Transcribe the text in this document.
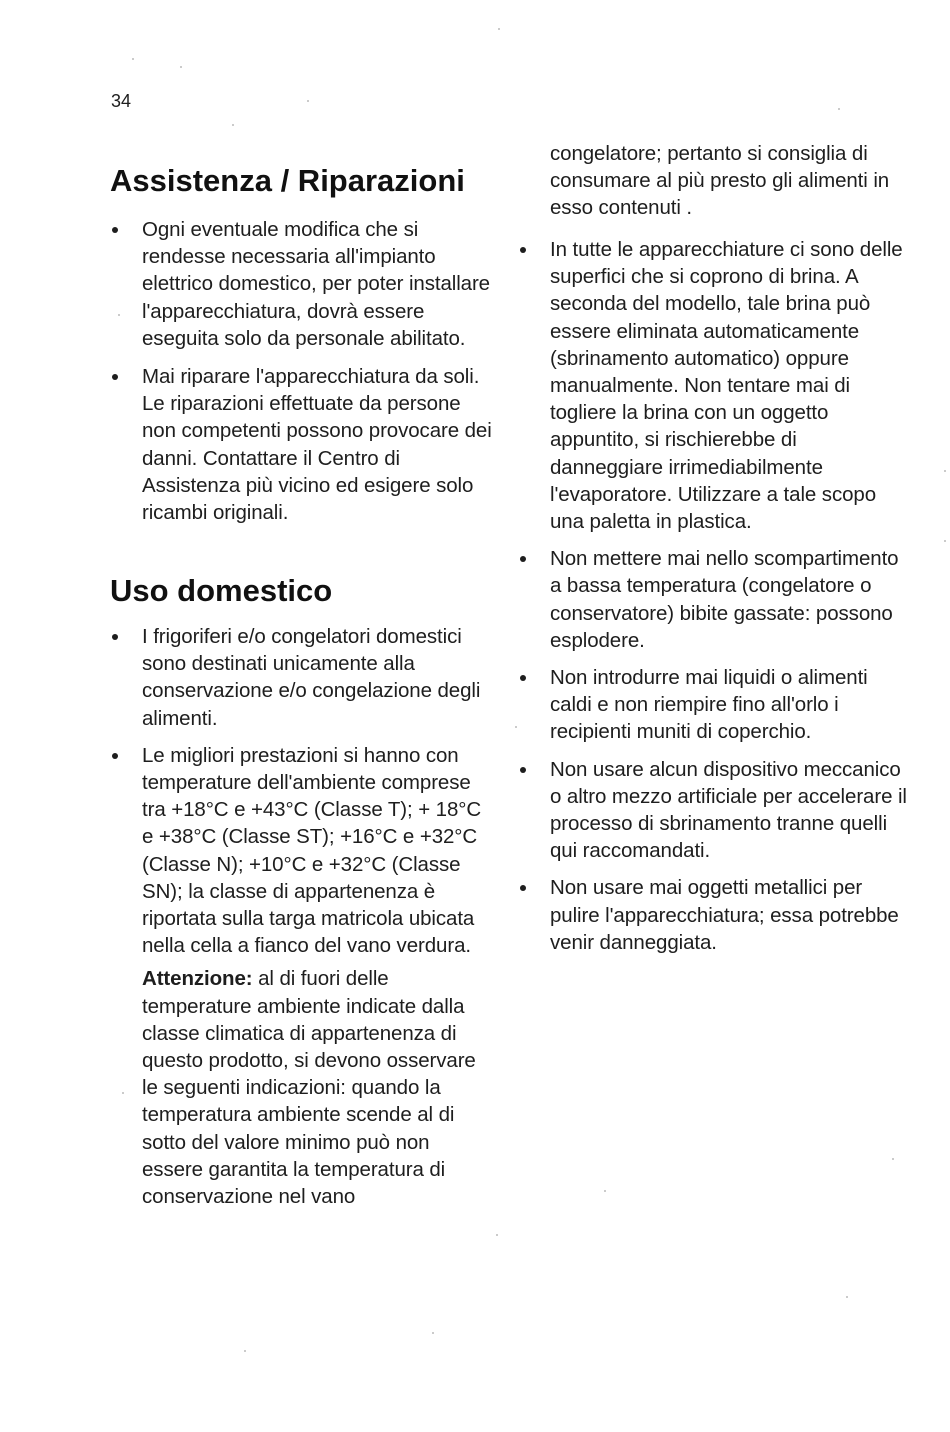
34
Assistenza / Riparazioni
Ogni eventuale modifica che si rendesse necessaria all'impianto elettrico domestico, per poter installare l'apparecchiatura, dovrà essere eseguita solo da personale abilitato.
Mai riparare l'apparecchiatura da soli. Le riparazioni effettuate da persone non competenti possono provocare dei danni. Contattare il Centro di Assistenza più vicino ed esigere solo ricambi originali.
Uso domestico
I frigoriferi e/o congelatori domestici sono destinati unicamente alla conservazione e/o congelazione degli alimenti.
Le migliori prestazioni si hanno con temperature dell'ambiente comprese tra +18°C e +43°C (Classe T); + 18°C e +38°C (Classe ST); +16°C e +32°C (Classe N); +10°C e +32°C (Classe SN); la classe di appartenenza è riportata sulla targa matricola ubicata nella cella a fianco del vano verdura.
Attenzione: al di fuori delle temperature ambiente indicate dalla classe climatica di appartenenza di questo prodotto, si devono osservare le seguenti indicazioni: quando la temperatura ambiente scende al di sotto del valore minimo può non essere garantita la temperatura di conservazione nel vano

congelatore; pertanto si consiglia di consumare al più presto gli alimenti in esso contenuti .

In tutte le apparecchiature ci sono delle superfici che si coprono di brina. A seconda del modello, tale brina può essere eliminata automaticamente (sbrinamento automatico) oppure manualmente. Non tentare mai di togliere la brina con un oggetto appuntito, si rischierebbe di danneggiare irrimediabilmente l'evaporatore. Utilizzare a tale scopo una paletta in plastica.
Non mettere mai nello scompartimento a bassa temperatura (congelatore o conservatore) bibite gassate: possono esplodere.
Non introdurre mai liquidi o alimenti caldi e non riempire fino all'orlo i recipienti muniti di coperchio.
Non usare alcun dispositivo meccanico o altro mezzo artificiale per accelerare il processo di sbrinamento tranne quelli qui raccomandati.
Non usare mai oggetti metallici per pulire l'apparecchiatura; essa potrebbe venir danneggiata.
